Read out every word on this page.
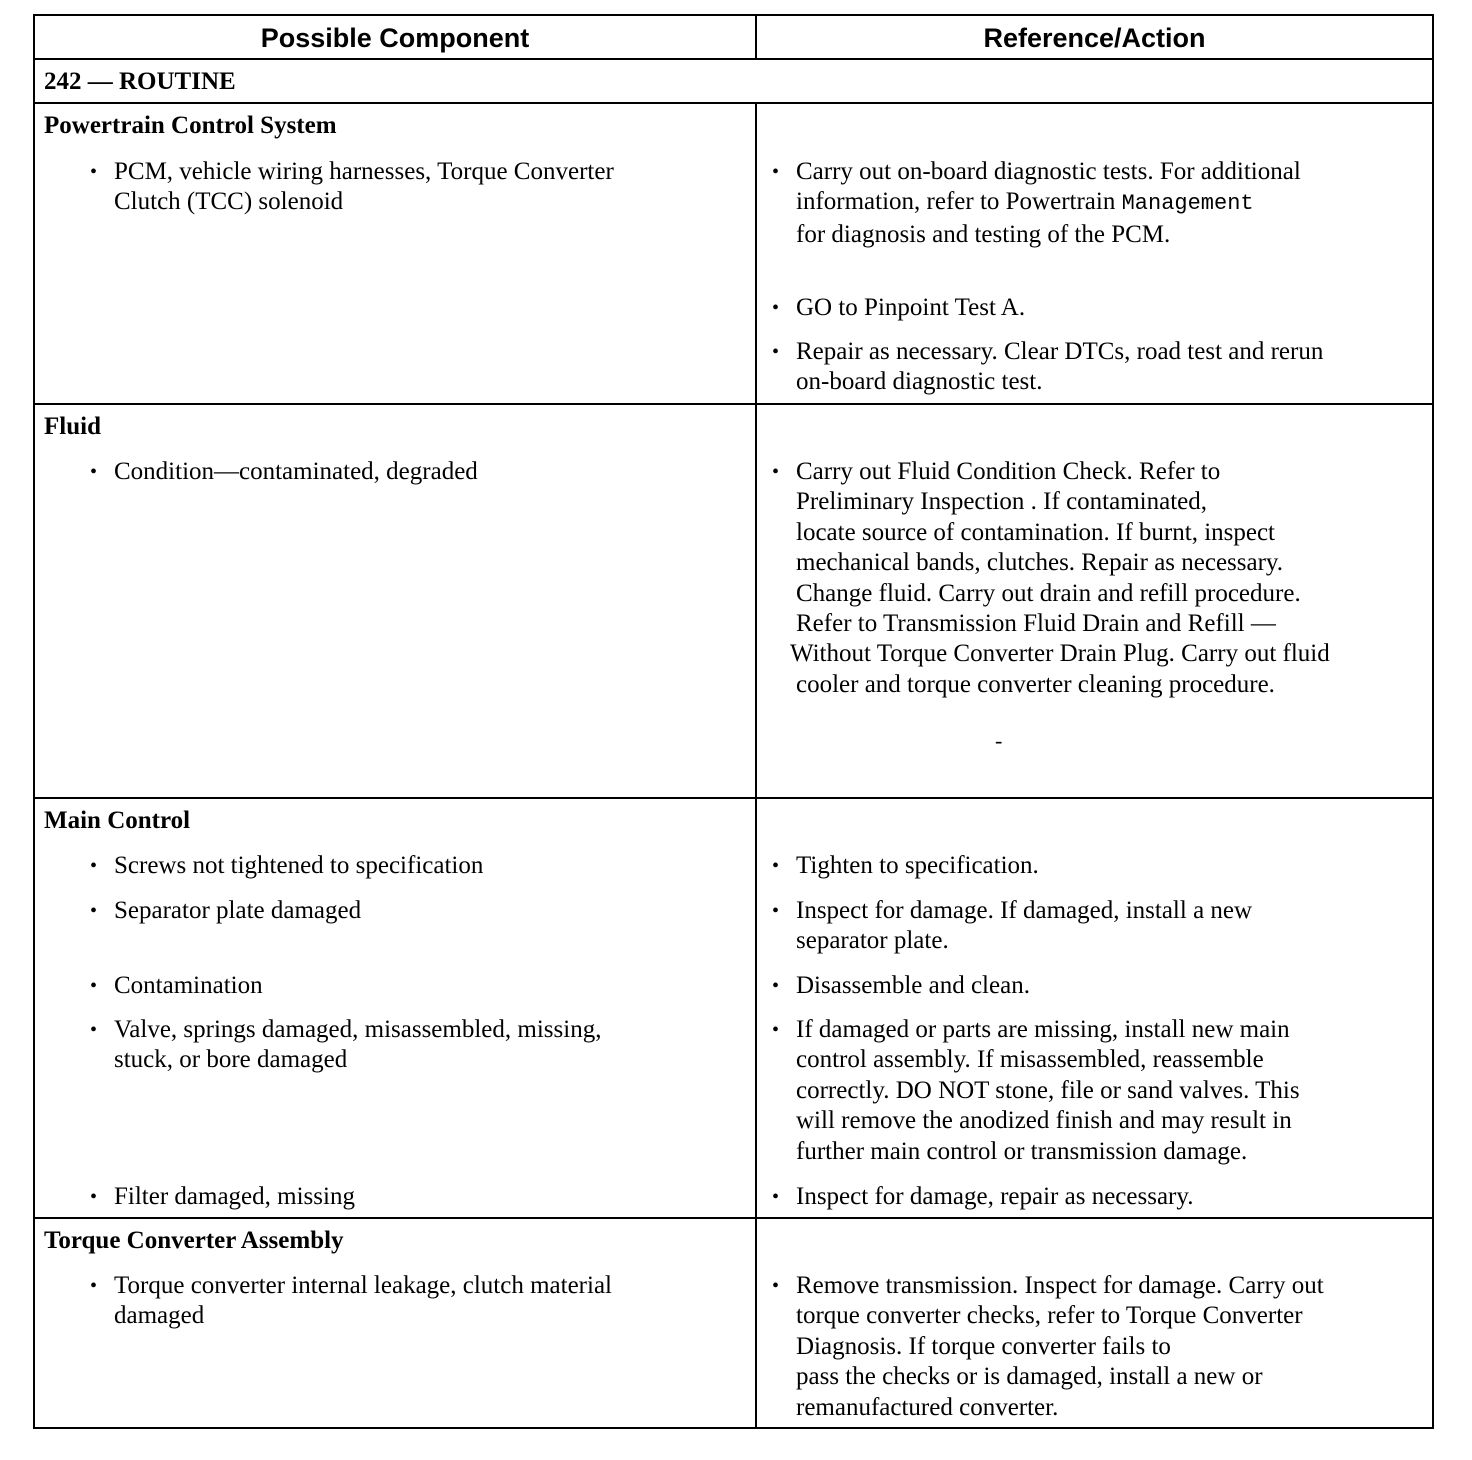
Possible Component	Reference/Action
242 — ROUTINE
Powertrain Control System
• PCM, vehicle wiring harnesses, Torque Converter
Clutch (TCC) solenoid
• Carry out on-board diagnostic tests. For additional
information, refer to Powertrain Management
for diagnosis and testing of the PCM.
• GO to Pinpoint Test A.
• Repair as necessary. Clear DTCs, road test and rerun
on-board diagnostic test.
Fluid
• Condition—contaminated, degraded	• Carry out Fluid Condition Check. Refer to
Preliminary Inspection . If contaminated,
locate source of contamination. If burnt, inspect
mechanical bands, clutches. Repair as necessary.
Change fluid. Carry out drain and refill procedure.
Refer to Transmission Fluid Drain and Refill —
Without Torque Converter Drain Plug. Carry out fluid
cooler and torque converter cleaning procedure.
-
Main Control
• Screws not tightened to specification
• Separator plate damaged
• Contamination
• Valve, springs damaged, misassembled, missing,
stuck, or bore damaged
• Filter damaged, missing
• Tighten to specification.
• Inspect for damage. If damaged, install a new
separator plate.
• Disassemble and clean.
• If damaged or parts are missing, install new main
control assembly. If misassembled, reassemble
correctly. DO NOT stone, file or sand valves. This
will remove the anodized finish and may result in
further main control or transmission damage.
• Inspect for damage, repair as necessary.
Torque Converter Assembly
• Torque converter internal leakage, clutch material
damaged
• Remove transmission. Inspect for damage. Carry out
torque converter checks, refer to Torque Converter
Diagnosis. If torque converter fails to
pass the checks or is damaged, install a new or
remanufactured converter.
